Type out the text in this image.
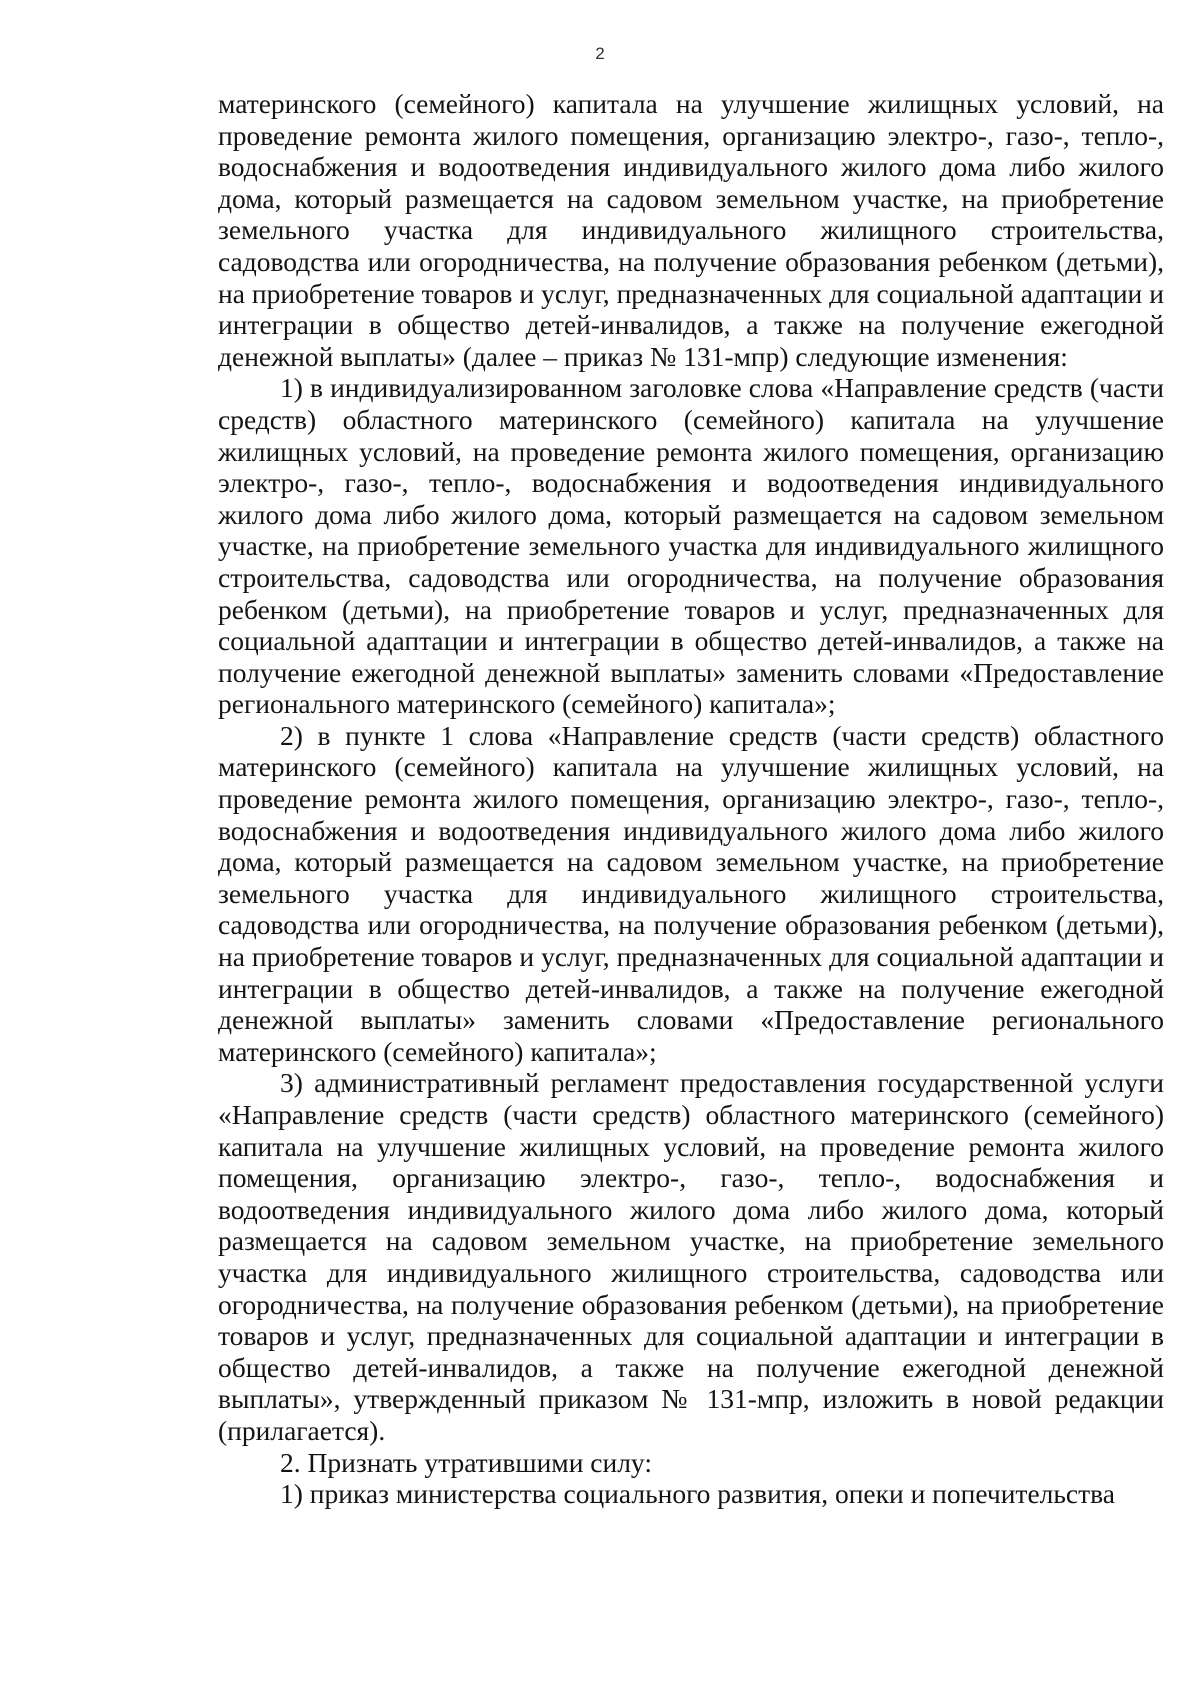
2

материнского (семейного) капитала на улучшение жилищных условий, на проведение ремонта жилого помещения, организацию электро-, газо-, тепло-, водоснабжения и водоотведения индивидуального жилого дома либо жилого дома, который размещается на садовом земельном участке, на приобретение земельного участка для индивидуального жилищного строительства, садоводства или огородничества, на получение образования ребенком (детьми), на приобретение товаров и услуг, предназначенных для социальной адаптации и интеграции в общество детей-инвалидов, а также на получение ежегодной денежной выплаты» (далее – приказ № 131-мпр) следующие изменения:

1) в индивидуализированном заголовке слова «Направление средств (части средств) областного материнского (семейного) капитала на улучшение жилищных условий, на проведение ремонта жилого помещения, организацию электро-, газо-, тепло-, водоснабжения и водоотведения индивидуального жилого дома либо жилого дома, который размещается на садовом земельном участке, на приобретение земельного участка для индивидуального жилищного строительства, садоводства или огородничества, на получение образования ребенком (детьми), на приобретение товаров и услуг, предназначенных для социальной адаптации и интеграции в общество детей-инвалидов, а также на получение ежегодной денежной выплаты» заменить словами «Предоставление регионального материнского (семейного) капитала»;

2) в пункте 1 слова «Направление средств (части средств) областного материнского (семейного) капитала на улучшение жилищных условий, на проведение ремонта жилого помещения, организацию электро-, газо-, тепло-, водоснабжения и водоотведения индивидуального жилого дома либо жилого дома, который размещается на садовом земельном участке, на приобретение земельного участка для индивидуального жилищного строительства, садоводства или огородничества, на получение образования ребенком (детьми), на приобретение товаров и услуг, предназначенных для социальной адаптации и интеграции в общество детей-инвалидов, а также на получение ежегодной денежной выплаты» заменить словами «Предоставление регионального материнского (семейного) капитала»;

3) административный регламент предоставления государственной услуги «Направление средств (части средств) областного материнского (семейного) капитала на улучшение жилищных условий, на проведение ремонта жилого помещения, организацию электро-, газо-, тепло-, водоснабжения и водоотведения индивидуального жилого дома либо жилого дома, который размещается на садовом земельном участке, на приобретение земельного участка для индивидуального жилищного строительства, садоводства или огородничества, на получение образования ребенком (детьми), на приобретение товаров и услуг, предназначенных для социальной адаптации и интеграции в общество детей-инвалидов, а также на получение ежегодной денежной выплаты», утвержденный приказом № 131-мпр, изложить в новой редакции (прилагается).

2. Признать утратившими силу:

1) приказ министерства социального развития, опеки и попечительства
